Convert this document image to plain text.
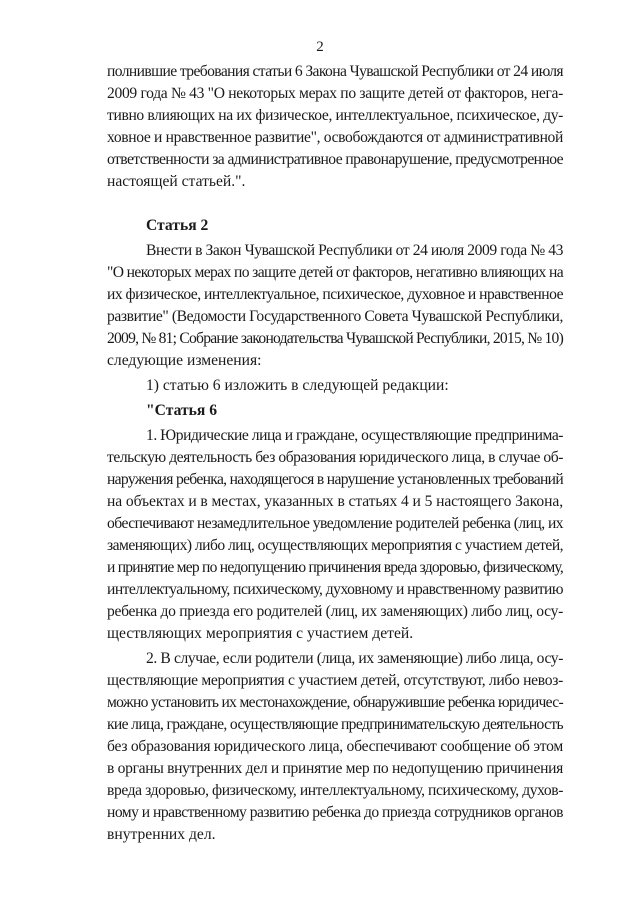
2
полнившие требования статьи 6 Закона Чувашской Республики от 24 июля
2009 года № 43 "О некоторых мерах по защите детей от факторов, нега-
тивно влияющих на их физическое, интеллектуальное, психическое, ду-
ховное и нравственное развитие", освобождаются от административной
ответственности за административное правонарушение, предусмотренное
настоящей статьей.".
Статья 2
Внести в Закон Чувашской Республики от 24 июля 2009 года № 43
"О некоторых мерах по защите детей от факторов, негативно влияющих на
их физическое, интеллектуальное, психическое, духовное и нравственное
развитие" (Ведомости Государственного Совета Чувашской Республики,
2009, № 81; Собрание законодательства Чувашской Республики, 2015, № 10)
следующие изменения:
1) статью 6 изложить в следующей редакции:
"Статья 6
1. Юридические лица и граждане, осуществляющие предпринима-
тельскую деятельность без образования юридического лица, в случае об-
наружения ребенка, находящегося в нарушение установленных требований
на объектах и в местах, указанных в статьях 4 и 5 настоящего Закона,
обеспечивают незамедлительное уведомление родителей ребенка (лиц, их
заменяющих) либо лиц, осуществляющих мероприятия с участием детей,
и принятие мер по недопущению причинения вреда здоровью, физическому,
интеллектуальному, психическому, духовному и нравственному развитию
ребенка до приезда его родителей (лиц, их заменяющих) либо лиц, осу-
ществляющих мероприятия с участием детей.
2. В случае, если родители (лица, их заменяющие) либо лица, осу-
ществляющие мероприятия с участием детей, отсутствуют, либо невоз-
можно установить их местонахождение, обнаружившие ребенка юридичес-
кие лица, граждане, осуществляющие предпринимательскую деятельность
без образования юридического лица, обеспечивают сообщение об этом
в органы внутренних дел и принятие мер по недопущению причинения
вреда здоровью, физическому, интеллектуальному, психическому, духов-
ному и нравственному развитию ребенка до приезда сотрудников органов
внутренних дел.
